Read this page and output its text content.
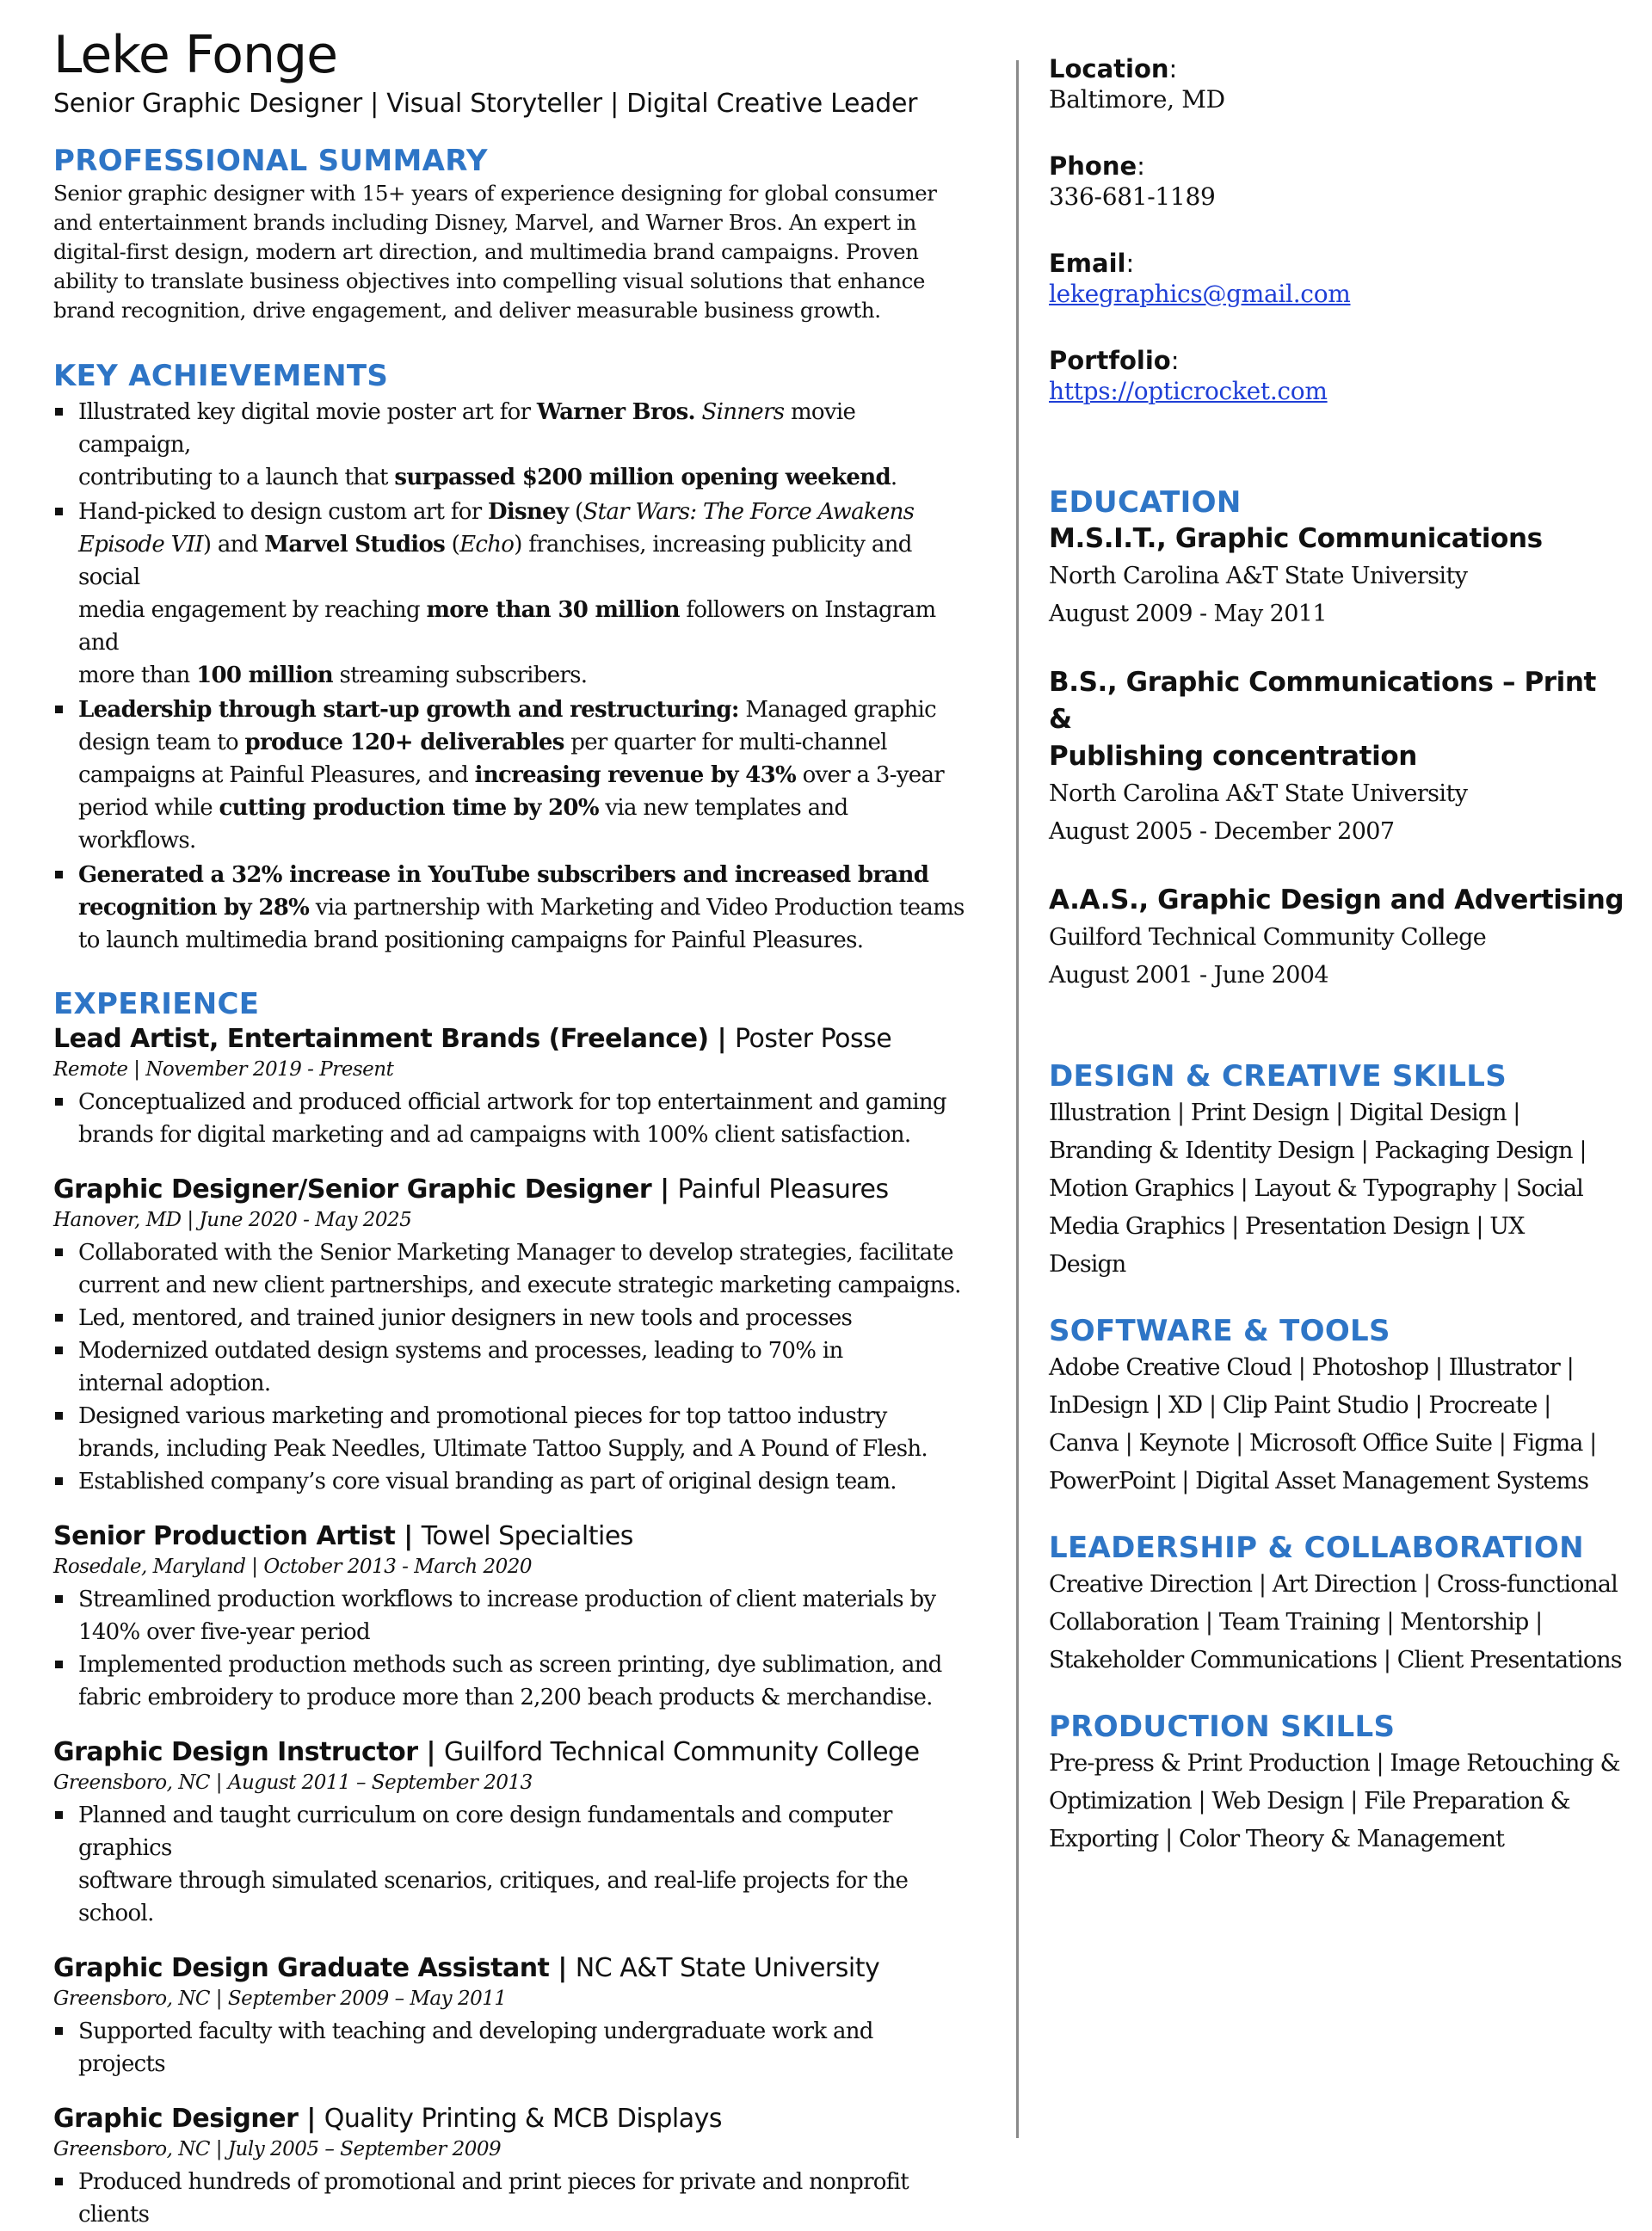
Leke Fonge

Senior Graphic Designer | Visual Storyteller | Digital Creative Leader

PROFESSIONAL SUMMARY

Senior graphic designer with 15+ years of experience designing for global consumer

and entertainment brands including Disney, Marvel, and Warner Bros. An expert in

digital-first design, modern art direction, and multimedia brand campaigns. Proven

ability to translate business objectives into compelling visual solutions that enhance

brand recognition, drive engagement, and deliver measurable business growth.

KEY ACHIEVEMENTS
Illustrated key digital movie poster art for Warner Bros. Sinners movie campaign,
contributing to a launch that surpassed $200 million opening weekend.
Hand-picked to design custom art for Disney (Star Wars: The Force Awakens
Episode VII) and Marvel Studios (Echo) franchises, increasing publicity and social
media engagement by reaching more than 30 million followers on Instagram and
more than 100 million streaming subscribers.
Leadership through start-up growth and restructuring: Managed graphic
design team to produce 120+ deliverables per quarter for multi-channel
campaigns at Painful Pleasures, and increasing revenue by 43% over a 3-year
period while cutting production time by 20% via new templates and workflows.
Generated a 32% increase in YouTube subscribers and increased brand
recognition by 28% via partnership with Marketing and Video Production teams
to launch multimedia brand positioning campaigns for Painful Pleasures.
EXPERIENCE

Lead Artist, Entertainment Brands (Freelance) | Poster Posse

Remote | November 2019 - Present

Conceptualized and produced official artwork for top entertainment and gaming
brands for digital marketing and ad campaigns with 100% client satisfaction.

Graphic Designer/Senior Graphic Designer | Painful Pleasures

Hanover, MD | June 2020 - May 2025

Collaborated with the Senior Marketing Manager to develop strategies, facilitate
current and new client partnerships, and execute strategic marketing campaigns.
Led, mentored, and trained junior designers in new tools and processes
Modernized outdated design systems and processes, leading to 70% in
internal adoption.
Designed various marketing and promotional pieces for top tattoo industry
brands, including Peak Needles, Ultimate Tattoo Supply, and A Pound of Flesh.
Established company’s core visual branding as part of original design team.

Senior Production Artist | Towel Specialties

Rosedale, Maryland | October 2013 - March 2020

Streamlined production workflows to increase production of client materials by
140% over five-year period
Implemented production methods such as screen printing, dye sublimation, and
fabric embroidery to produce more than 2,200 beach products & merchandise.

Graphic Design Instructor | Guilford Technical Community College

Greensboro, NC | August 2011 – September 2013

Planned and taught curriculum on core design fundamentals and computer graphics
software through simulated scenarios, critiques, and real-life projects for the school.

Graphic Design Graduate Assistant | NC A&T State University

Greensboro, NC | September 2009 – May 2011

Supported faculty with teaching and developing undergraduate work and projects

Graphic Designer | Quality Printing & MCB Displays

Greensboro, NC | July 2005 – September 2009

Produced hundreds of promotional and print pieces for private and nonprofit clients

Location:

Baltimore, MD

Phone:

336-681-1189

Email:

lekegraphics@gmail.com

Portfolio:

https://opticrocket.com

EDUCATION

M.S.I.T., Graphic Communications

North Carolina A&T State University

August 2009 - May 2011

B.S., Graphic Communications – Print &

Publishing concentration

North Carolina A&T State University

August 2005 - December 2007

A.A.S., Graphic Design and Advertising

Guilford Technical Community College

August 2001 - June 2004

DESIGN & CREATIVE SKILLS

Illustration | Print Design | Digital Design |

Branding & Identity Design | Packaging Design |

Motion Graphics | Layout & Typography | Social

Media Graphics | Presentation Design | UX

Design

SOFTWARE & TOOLS

Adobe Creative Cloud | Photoshop | Illustrator |

InDesign | XD | Clip Paint Studio | Procreate |

Canva | Keynote | Microsoft Office Suite | Figma |

PowerPoint | Digital Asset Management Systems

LEADERSHIP & COLLABORATION

Creative Direction | Art Direction | Cross-functional

Collaboration | Team Training | Mentorship |

Stakeholder Communications | Client Presentations

PRODUCTION SKILLS

Pre-press & Print Production | Image Retouching &

Optimization | Web Design | File Preparation &

Exporting | Color Theory & Management
